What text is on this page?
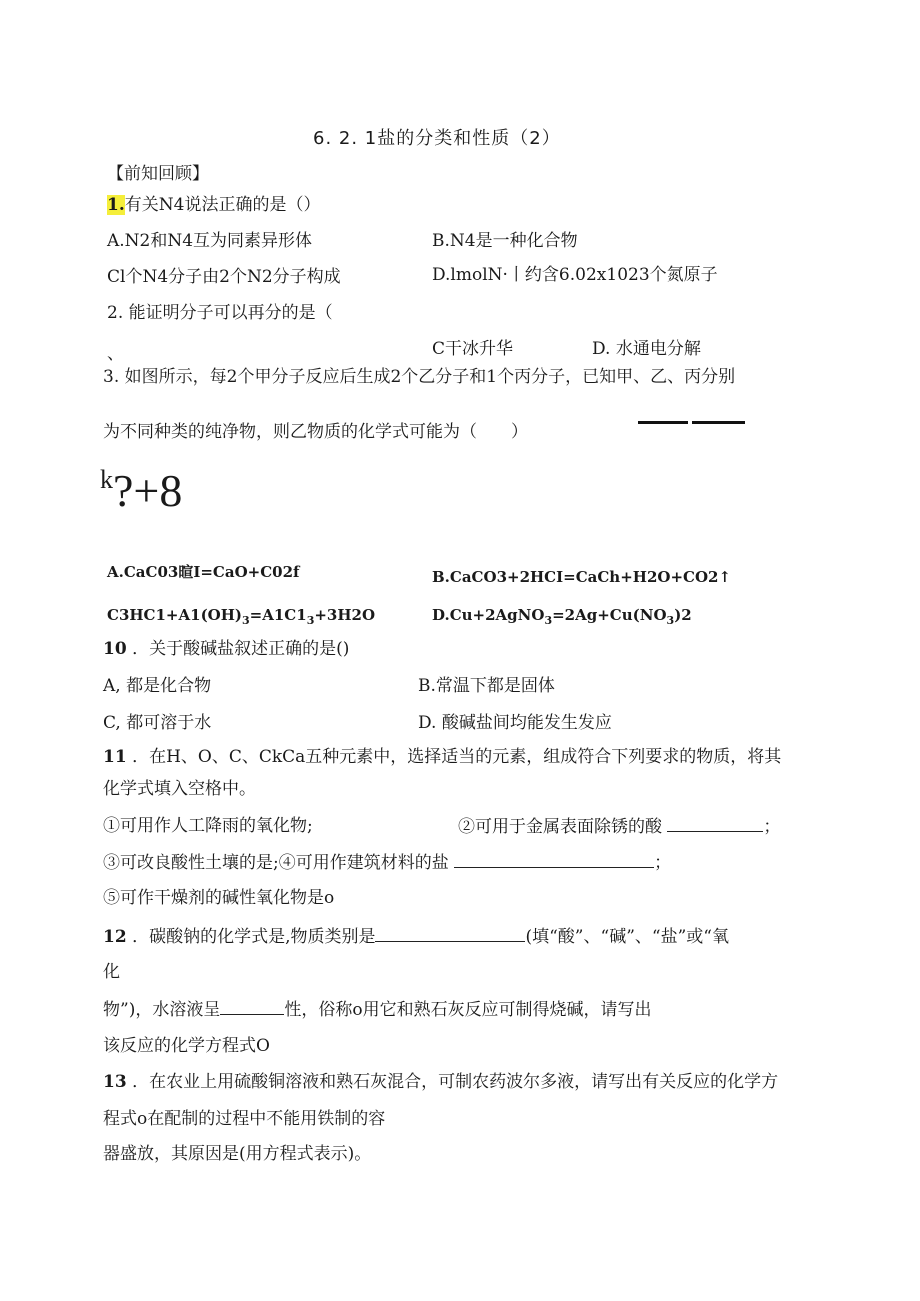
6. 2. 1盐的分类和性质（2）
【前知回顾】
1.有关N4说法正确的是（）
A.N2和N4互为同素异形体	B.N4是一种化合物
Cl个N4分子由2个N2分子构成	D.lmolN·丨约含6.02x1023个氮原子
2. 能证明分子可以再分的是（
、	C干冰升华	D. 水通电分解
3. 如图所示，每2个甲分子反应后生成2个乙分子和1个丙分子，已知甲、乙、丙分别
为不同种类的纯净物，则乙物质的化学式可能为（　　）
$^k$?+8
A.CaC03暄I=CaO+C02f	B.CaCO3+2HCI=CaCh+H2O+CO2↑
$C3HC1+A1(OH)_3=A1C1_3+3H2O$	$D.Cu+2AgNO_3=2Ag+Cu(NO_3)2$
10 ．关于酸碱盐叙述正确的是()
A, 都是化合物	B.常温下都是固体
C, 都可溶于水	D. 酸碱盐间均能发生发应
11 ．在H、O、C、CkCa五种元素中，选择适当的元素，组成符合下列要求的物质，将其
化学式填入空格中。
①可用作人工降雨的氧化物;	②可用于金属表面除锈的酸	；
③可改良酸性土壤的是;④可用作建筑材料的盐	；
⑤可作干燥剂的碱性氧化物是o
12 ．碳酸钠的化学式是,物质类别是	(填“酸”、“碱”、“盐”或“氧
化
物”)，水溶液呈	性，俗称o用它和熟石灰反应可制得烧碱，请写出
该反应的化学方程式O
13 ．在农业上用硫酸铜溶液和熟石灰混合，可制农药波尔多液，请写出有关反应的化学方
程式o在配制的过程中不能用铁制的容
器盛放，其原因是(用方程式表示)。
